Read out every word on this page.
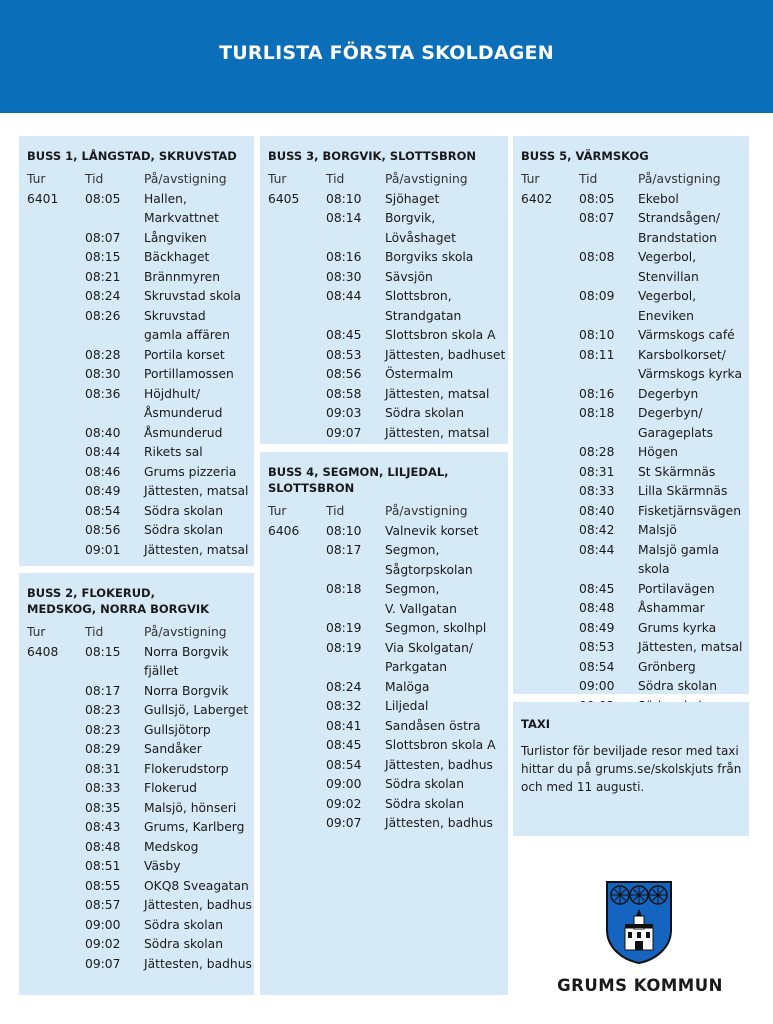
TURLISTA FÖRSTA SKOLDAGEN
BUSS 1, LÅNGSTAD, SKRUVSTAD
Tur	Tid	På/avstigning
6401	08:05	Hallen, Markvattnet
08:07	Långviken
08:15	Bäckhaget
08:21	Brännmyren
08:24	Skruvstad skola
08:26	Skruvstad
gamla affären
08:28	Portila korset
08:30	Portillamossen
08:36	Höjdhult/
Åsmunderud
08:40	Åsmunderud
08:44	Rikets sal
08:46	Grums pizzeria
08:49	Jättesten, matsal
08:54	Södra skolan
08:56	Södra skolan
09:01	Jättesten, matsal
BUSS 2, FLOKERUD, MEDSKOG, NORRA BORGVIK
Tur	Tid	På/avstigning
6408	08:15	Norra Borgvik
fjället
08:17	Norra Borgvik
08:23	Gullsjö, Laberget
08:23	Gullsjötorp
08:29	Sandåker
08:31	Flokerudstorp
08:33	Flokerud
08:35	Malsjö, hönseri
08:43	Grums, Karlberg
08:48	Medskog
08:51	Väsby
08:55	OKQ8 Sveagatan
08:57	Jättesten, badhus
09:00	Södra skolan
09:02	Södra skolan
09:07	Jättesten, badhus
BUSS 3, BORGVIK, SLOTTSBRON
Tur	Tid	På/avstigning
6405	08:10	Sjöhaget
08:14	Borgvik, Lövåshaget
08:16	Borgviks skola
08:30	Sävsjön
08:44	Slottsbron,
Strandgatan
08:45	Slottsbron skola A
08:53	Jättesten, badhuset
08:56	Östermalm
08:58	Jättesten, matsal
09:03	Södra skolan
09:07	Jättesten, matsal
BUSS 4, SEGMON, LILJEDAL, SLOTTSBRON
Tur	Tid	På/avstigning
6406	08:10	Valnevik korset
08:17	Segmon,
Sågtorpskolan
08:18	Segmon,
V. Vallgatan
08:19	Segmon, skolhpl
08:19	Via Skolgatan/
Parkgatan
08:24	Malöga
08:32	Liljedal
08:41	Sandåsen östra
08:45	Slottsbron skola A
08:54	Jättesten, badhus
09:00	Södra skolan
09:02	Södra skolan
09:07	Jättesten, badhus
BUSS 5, VÄRMSKOG
Tur	Tid	På/avstigning
6402	08:05	Ekebol
08:07	Strandsågen/
Brandstation
08:08	Vegerbol, Stenvillan
08:09	Vegerbol, Eneviken
08:10	Värmskogs café
08:11	Karsbolkorset/
Värmskogs kyrka
08:16	Degerbyn
08:18	Degerbyn/
Garageplats
08:28	Högen
08:31	St Skärmnäs
08:33	Lilla Skärmnäs
08:40	Fisketjärnsvägen
08:42	Malsjö
08:44	Malsjö gamla skola
08:45	Portilavägen
08:48	Åshammar
08:49	Grums kyrka
08:53	Jättesten, matsal
08:54	Grönberg
09:00	Södra skolan
TAXI
Turlistor för beviljade resor med taxi hittar du på grums.se/skolskjuts från och med 11 augusti.
GRUMS KOMMUN
